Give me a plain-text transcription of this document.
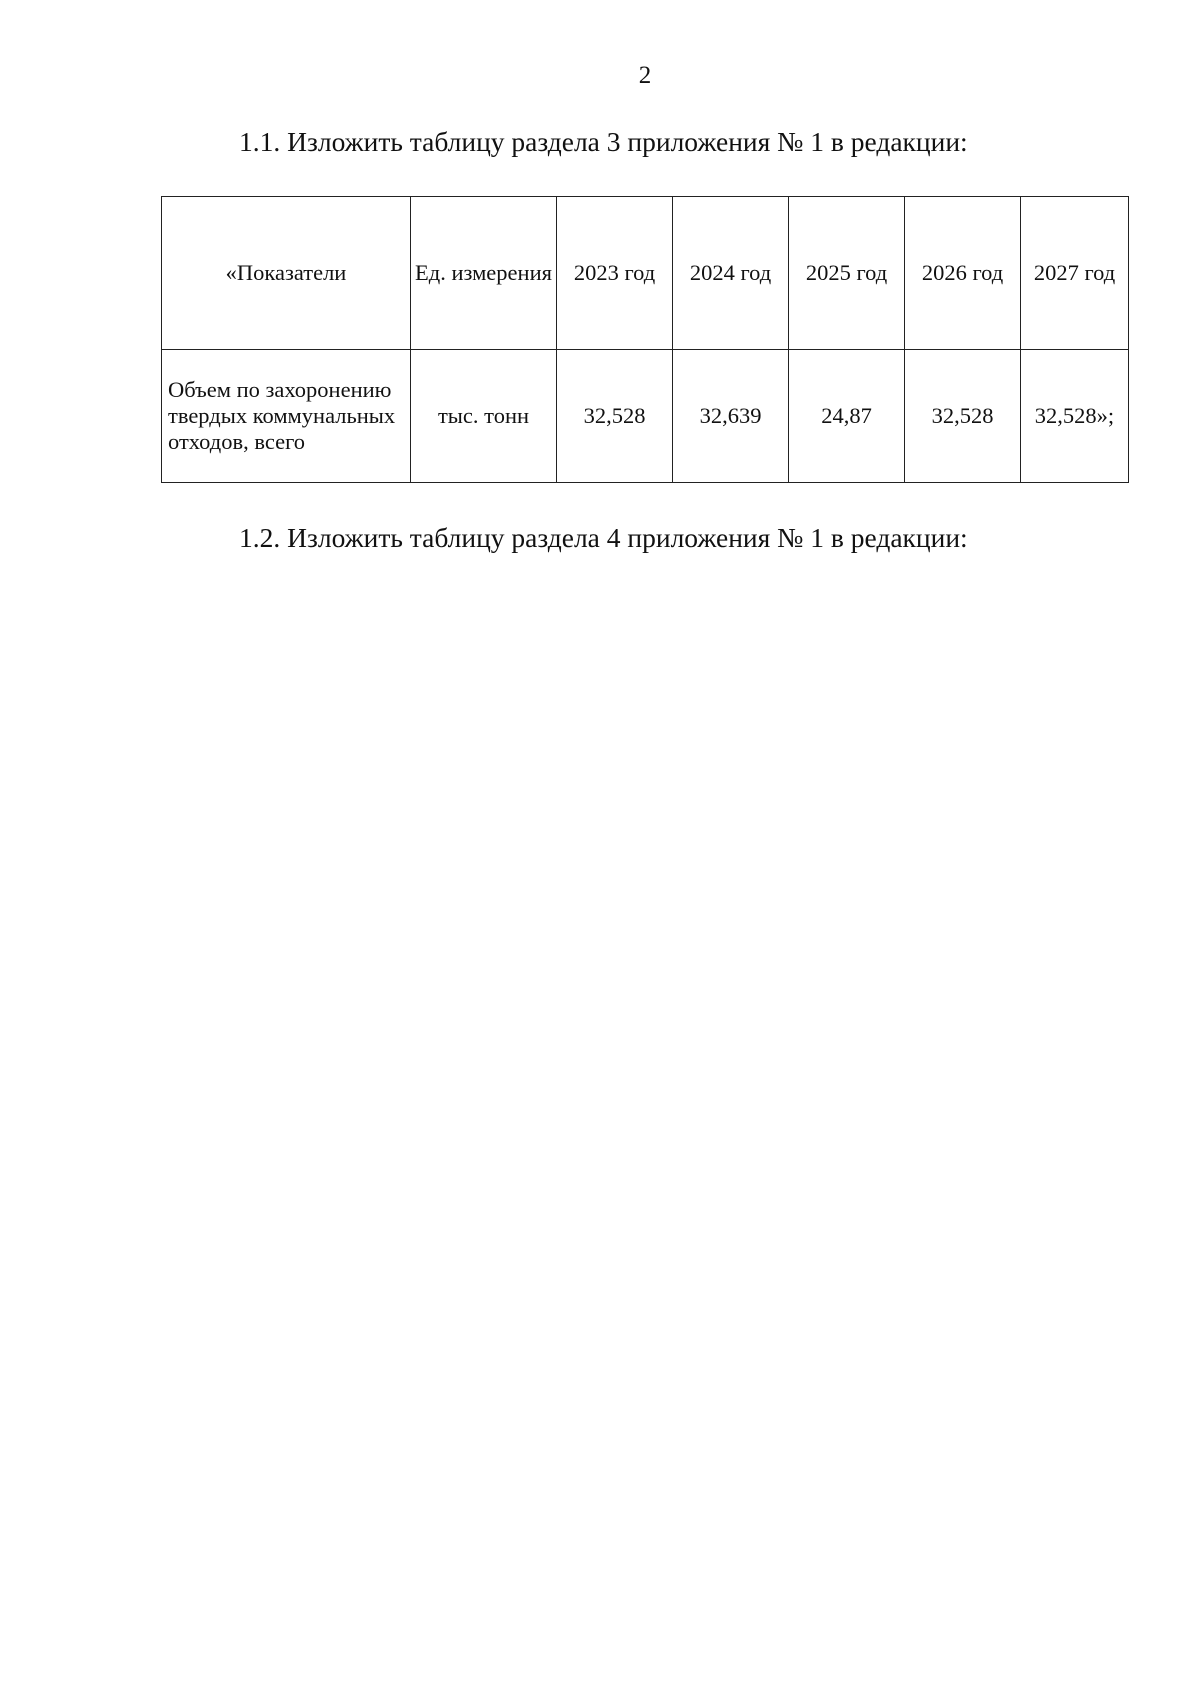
2
1.1. Изложить таблицу раздела 3 приложения № 1 в редакции:
«Показатели	Ед. измерения	2023 год	2024 год	2025 год	2026 год	2027 год
Объем по захоронению твердых коммунальных отходов, всего	тыс. тонн	32,528	32,639	24,87	32,528	32,528»;
1.2. Изложить таблицу раздела 4 приложения № 1 в редакции:
